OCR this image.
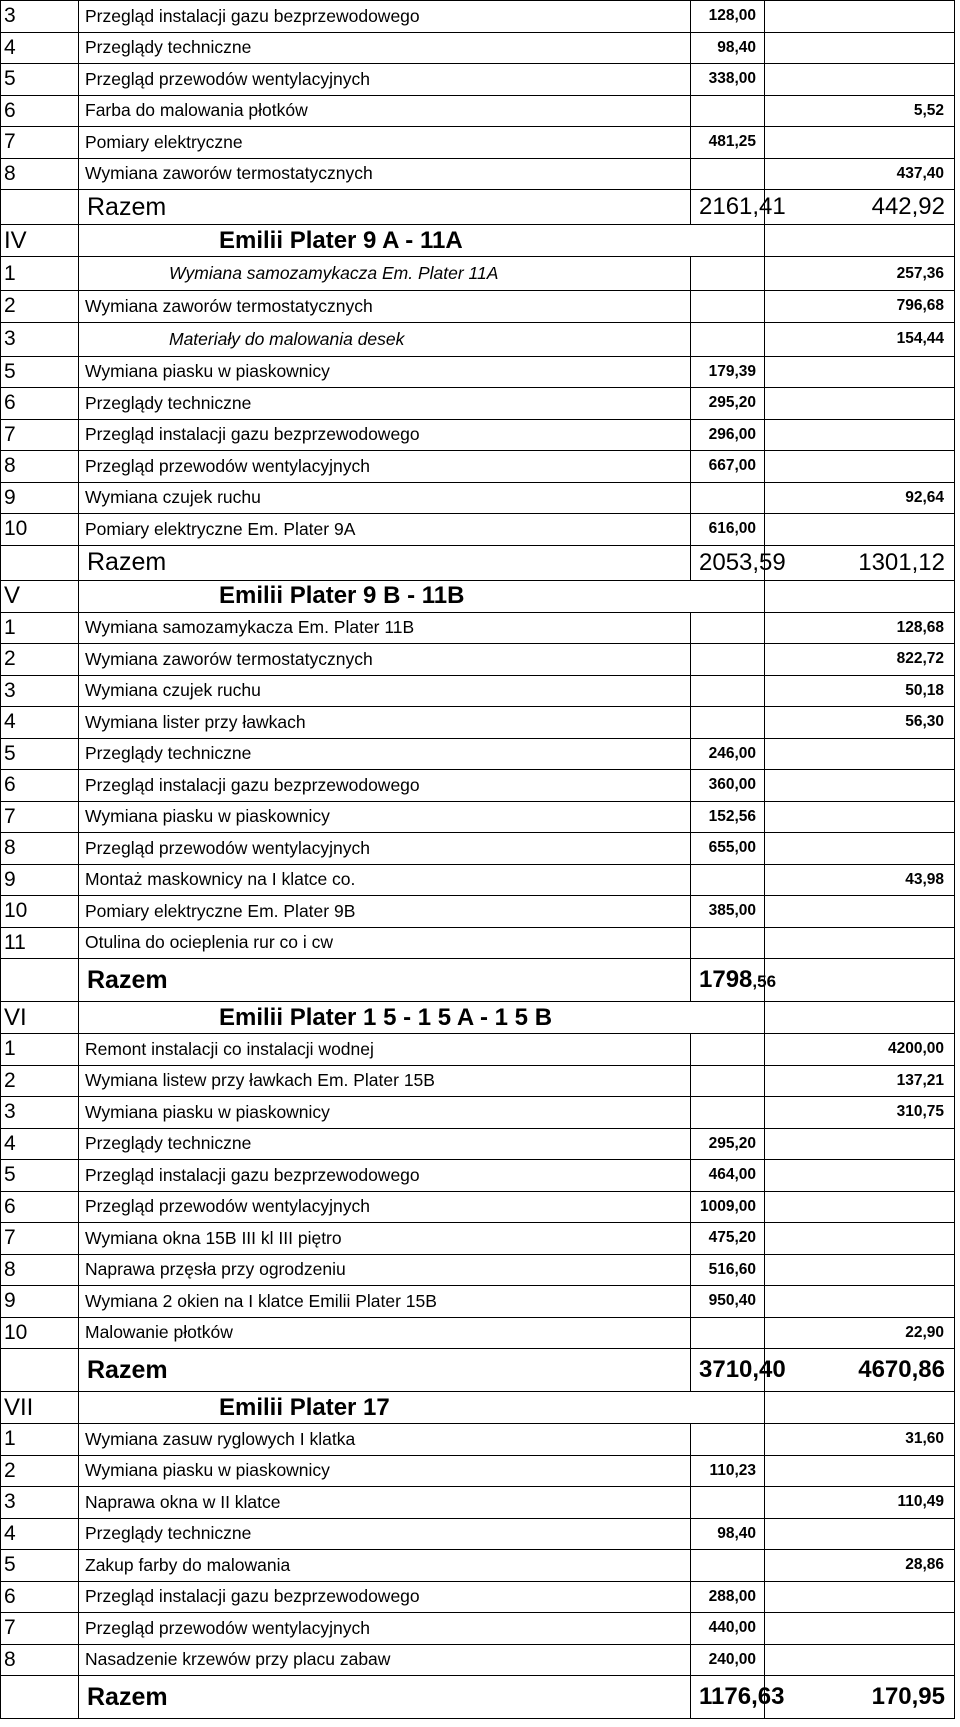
3	Przegląd instalacji gazu bezprzewodowego	128,00	
4	Przeglądy techniczne	98,40	
5	Przegląd przewodów wentylacyjnych	338,00	
6	Farba do malowania płotków		5,52
7	Pomiary elektryczne	481,25	
8	Wymiana zaworów termostatycznych		437,40
	Razem	2161,41	442,92
IV	Emilii Plater 9 A - 11A		
1	Wymiana samozamykacza Em. Plater 11A		257,36
2	Wymiana zaworów termostatycznych		796,68
3	Materiały do malowania desek		154,44
5	Wymiana piasku w piaskownicy	179,39	
6	Przeglądy techniczne	295,20	
7	Przegląd instalacji gazu bezprzewodowego	296,00	
8	Przegląd przewodów wentylacyjnych	667,00	
9	Wymiana czujek ruchu		92,64
10	Pomiary elektryczne Em. Plater 9A	616,00	
	Razem	2053,59	1301,12
V	Emilii Plater 9 B - 11B		
1	Wymiana samozamykacza Em. Plater 11B		128,68
2	Wymiana zaworów termostatycznych		822,72
3	Wymiana czujek ruchu		50,18
4	Wymiana lister przy ławkach		56,30
5	Przeglądy techniczne	246,00	
6	Przegląd instalacji gazu bezprzewodowego	360,00	
7	Wymiana piasku w piaskownicy	152,56	
8	Przegląd przewodów wentylacyjnych	655,00	
9	Montaż maskownicy na I klatce co.		43,98
10	Pomiary elektryczne Em. Plater 9B	385,00	
11	Otulina do ocieplenia rur co i cw		
	Razem	1798,56	
VI	Emilii Plater 1 5 - 1 5 A - 1 5 B		
1	Remont instalacji co instalacji wodnej		4200,00
2	Wymiana listew przy ławkach Em. Plater 15B		137,21
3	Wymiana piasku w piaskownicy		310,75
4	Przeglądy techniczne	295,20	
5	Przegląd instalacji gazu bezprzewodowego	464,00	
6	Przegląd przewodów wentylacyjnych	1009,00	
7	Wymiana okna 15B III kl III piętro	475,20	
8	Naprawa przęsła przy ogrodzeniu	516,60	
9	Wymiana 2 okien na I klatce Emilii Plater 15B	950,40	
10	Malowanie płotków		22,90
	Razem	3710,40	4670,86
VII	Emilii Plater 17		
1	Wymiana zasuw ryglowych I klatka		31,60
2	Wymiana piasku w piaskownicy	110,23	
3	Naprawa okna w II klatce		110,49
4	Przeglądy techniczne	98,40	
5	Zakup farby do malowania		28,86
6	Przegląd instalacji gazu bezprzewodowego	288,00	
7	Przegląd przewodów wentylacyjnych	440,00	
8	Nasadzenie krzewów przy placu zabaw	240,00	
	Razem	1176,63	170,95
